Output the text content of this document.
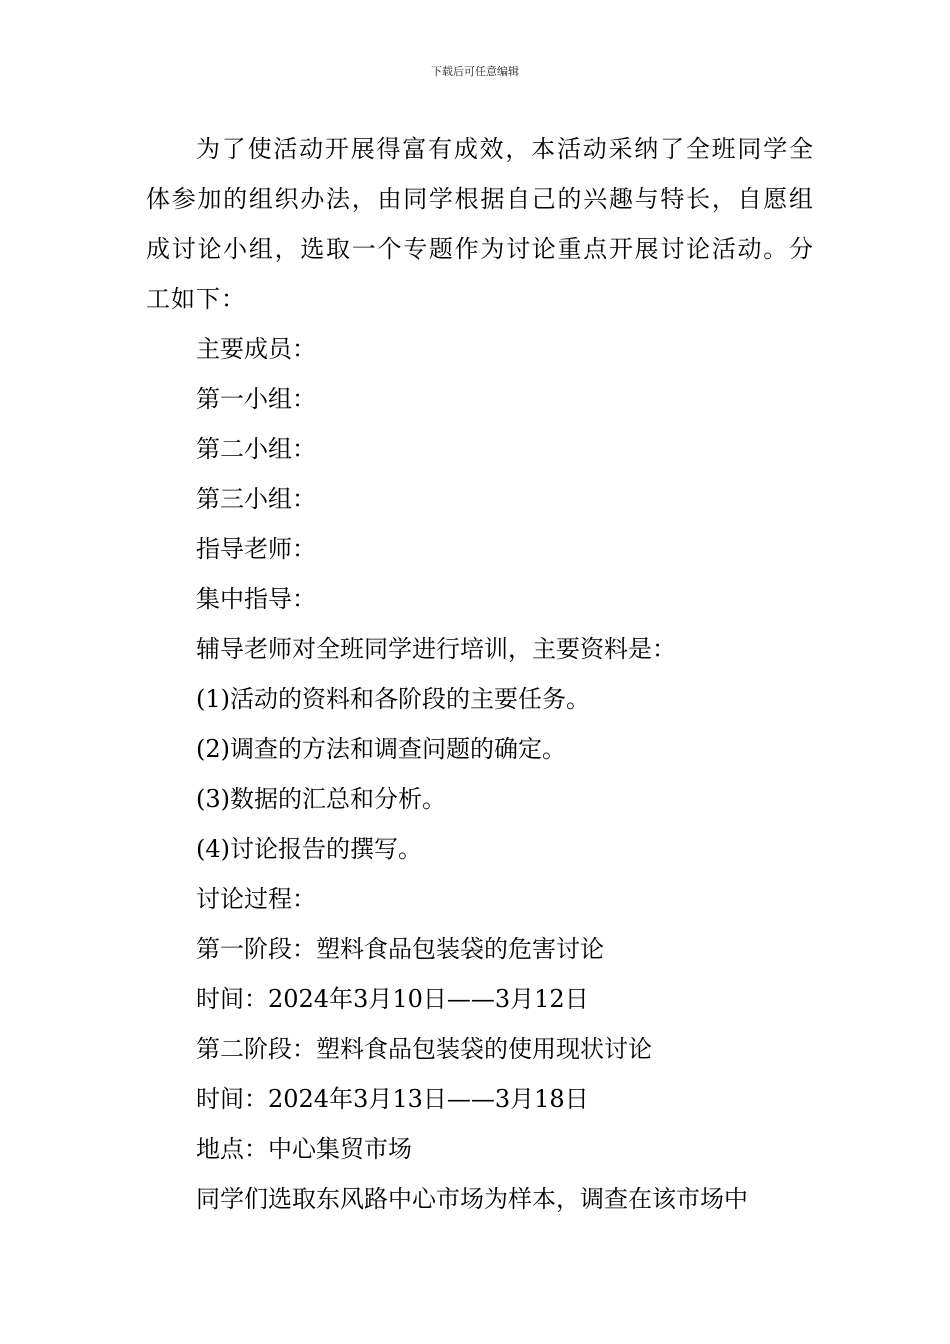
下载后可任意编辑

为了使活动开展得富有成效，本活动采纳了全班同学全体参加的组织办法，由同学根据自己的兴趣与特长，自愿组成讨论小组，选取一个专题作为讨论重点开展讨论活动。分工如下：

主要成员：

第一小组：

第二小组：

第三小组：

指导老师：

集中指导：

辅导老师对全班同学进行培训，主要资料是：

(1)活动的资料和各阶段的主要任务。

(2)调查的方法和调查问题的确定。

(3)数据的汇总和分析。

(4)讨论报告的撰写。

讨论过程：

第一阶段：塑料食品包装袋的危害讨论

时间：2024年3月10日——3月12日

第二阶段：塑料食品包装袋的使用现状讨论

时间：2024年3月13日——3月18日

地点：中心集贸市场

同学们选取东风路中心市场为样本，调查在该市场中
